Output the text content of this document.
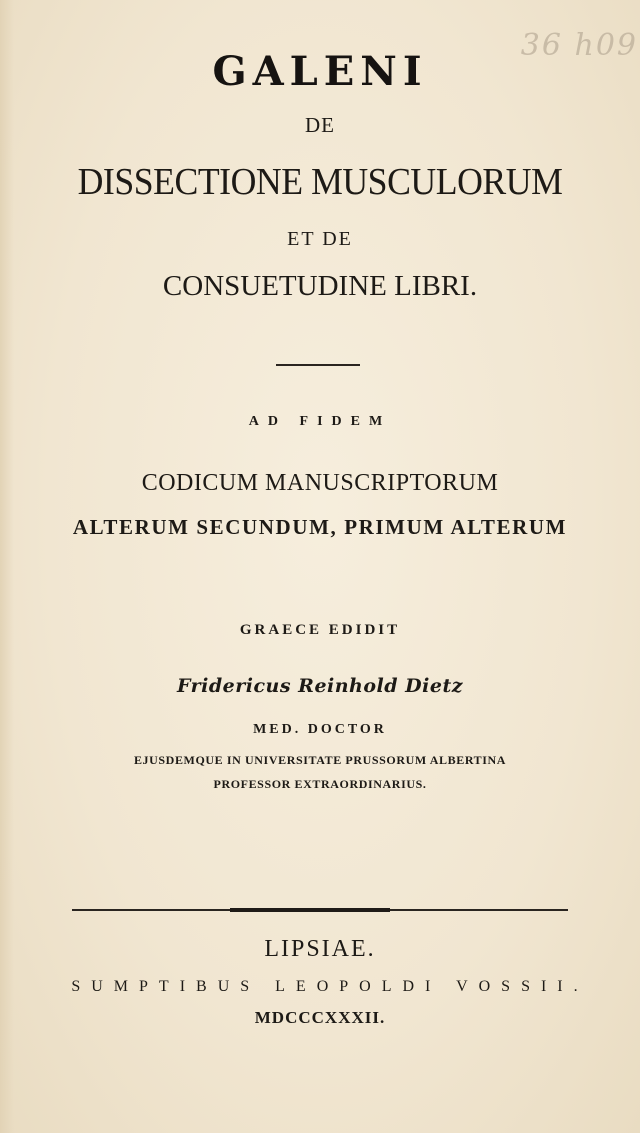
36 h09
GALENI
DE
DISSECTIONE MUSCULORUM
ET DE
CONSUETUDINE LIBRI.
AD FIDEM
CODICUM MANUSCRIPTORUM
ALTERUM SECUNDUM, PRIMUM ALTERUM
GRAECE EDIDIT
Fridericus Reinhold Dietz
MED. DOCTOR
EJUSDEMQUE IN UNIVERSITATE PRUSSORUM ALBERTINA
PROFESSOR EXTRAORDINARIUS.
LIPSIAE.
SUMPTIBUS LEOPOLDI VOSSII.
MDCCCXXXII.
